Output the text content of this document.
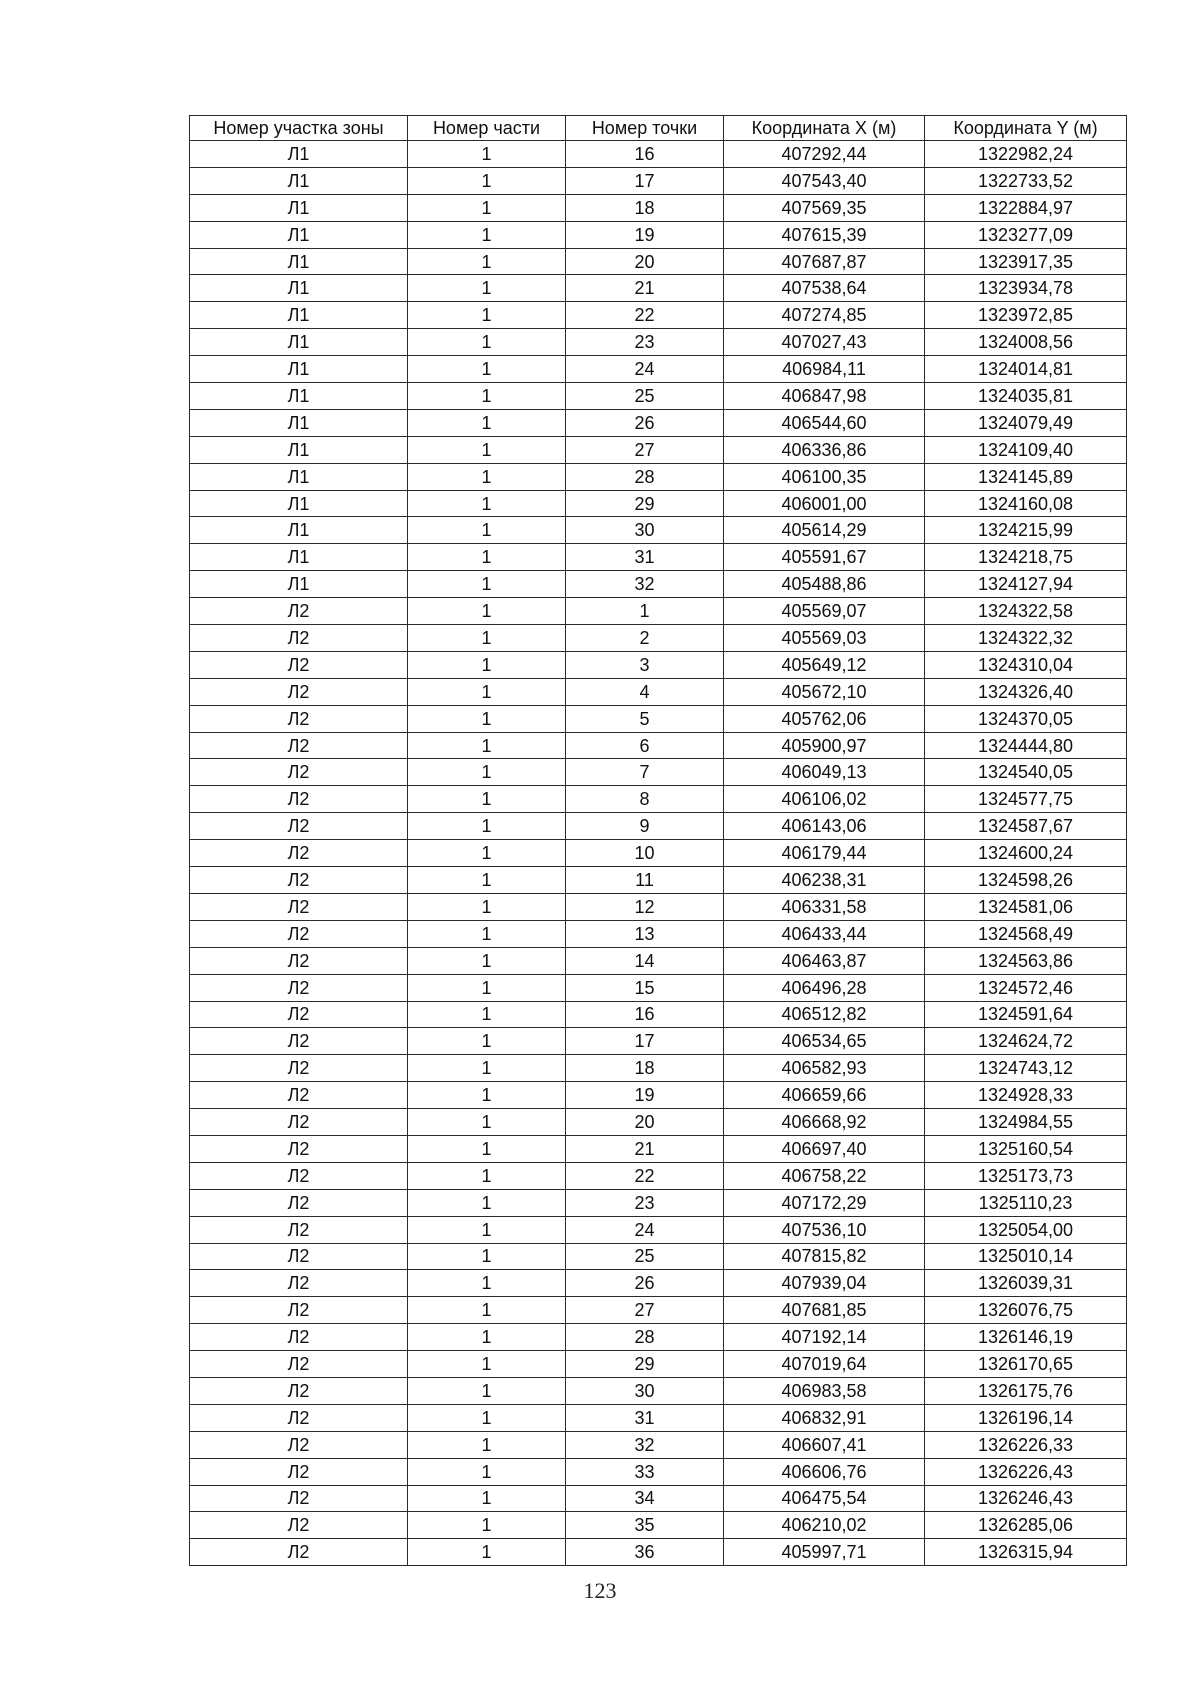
Номер участка зоны	Номер части	Номер точки	Координата X (м)	Координата Y (м)
Л1	1	16	407292,44	1322982,24
Л1	1	17	407543,40	1322733,52
Л1	1	18	407569,35	1322884,97
Л1	1	19	407615,39	1323277,09
Л1	1	20	407687,87	1323917,35
Л1	1	21	407538,64	1323934,78
Л1	1	22	407274,85	1323972,85
Л1	1	23	407027,43	1324008,56
Л1	1	24	406984,11	1324014,81
Л1	1	25	406847,98	1324035,81
Л1	1	26	406544,60	1324079,49
Л1	1	27	406336,86	1324109,40
Л1	1	28	406100,35	1324145,89
Л1	1	29	406001,00	1324160,08
Л1	1	30	405614,29	1324215,99
Л1	1	31	405591,67	1324218,75
Л1	1	32	405488,86	1324127,94
Л2	1	1	405569,07	1324322,58
Л2	1	2	405569,03	1324322,32
Л2	1	3	405649,12	1324310,04
Л2	1	4	405672,10	1324326,40
Л2	1	5	405762,06	1324370,05
Л2	1	6	405900,97	1324444,80
Л2	1	7	406049,13	1324540,05
Л2	1	8	406106,02	1324577,75
Л2	1	9	406143,06	1324587,67
Л2	1	10	406179,44	1324600,24
Л2	1	11	406238,31	1324598,26
Л2	1	12	406331,58	1324581,06
Л2	1	13	406433,44	1324568,49
Л2	1	14	406463,87	1324563,86
Л2	1	15	406496,28	1324572,46
Л2	1	16	406512,82	1324591,64
Л2	1	17	406534,65	1324624,72
Л2	1	18	406582,93	1324743,12
Л2	1	19	406659,66	1324928,33
Л2	1	20	406668,92	1324984,55
Л2	1	21	406697,40	1325160,54
Л2	1	22	406758,22	1325173,73
Л2	1	23	407172,29	1325110,23
Л2	1	24	407536,10	1325054,00
Л2	1	25	407815,82	1325010,14
Л2	1	26	407939,04	1326039,31
Л2	1	27	407681,85	1326076,75
Л2	1	28	407192,14	1326146,19
Л2	1	29	407019,64	1326170,65
Л2	1	30	406983,58	1326175,76
Л2	1	31	406832,91	1326196,14
Л2	1	32	406607,41	1326226,33
Л2	1	33	406606,76	1326226,43
Л2	1	34	406475,54	1326246,43
Л2	1	35	406210,02	1326285,06
Л2	1	36	405997,71	1326315,94
123
